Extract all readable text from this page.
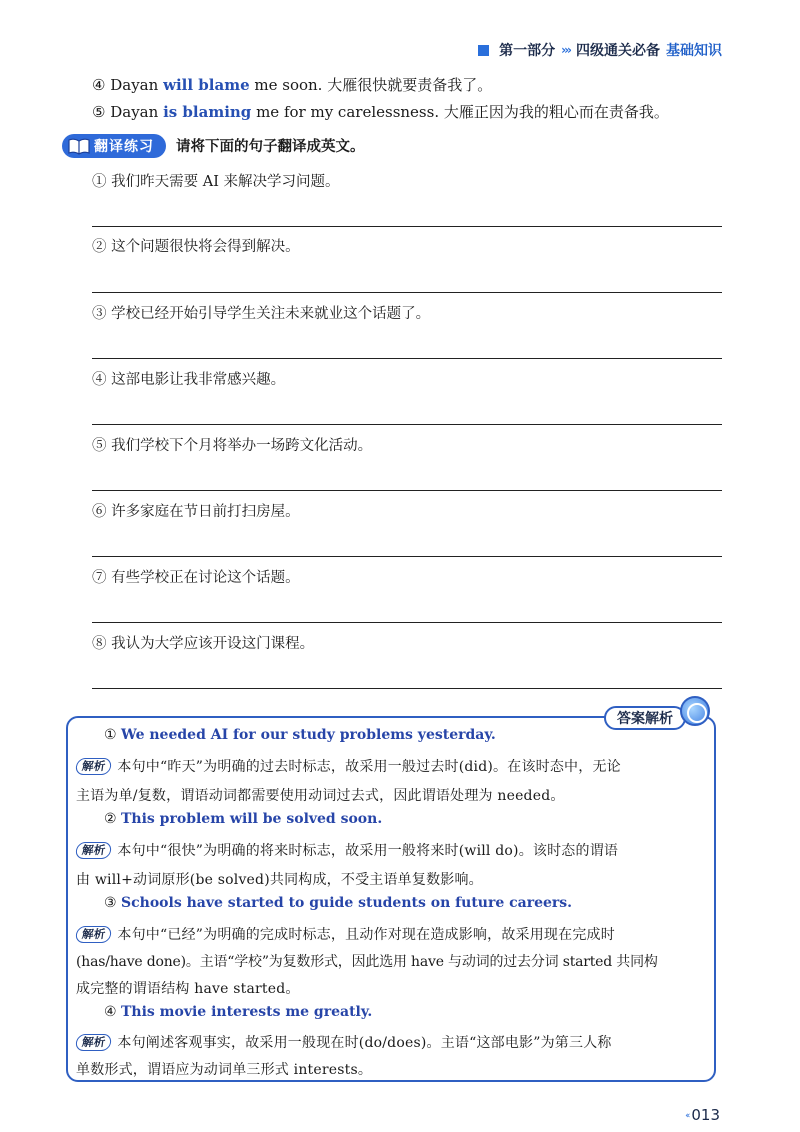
第一部分 ››› 四级通关必备 基础知识
④ Dayan will blame me soon. 大雁很快就要责备我了。
⑤ Dayan is blaming me for my carelessness. 大雁正因为我的粗心而在责备我。
翻译练习 请将下面的句子翻译成英文。
① 我们昨天需要 AI 来解决学习问题。
② 这个问题很快将会得到解决。
③ 学校已经开始引导学生关注未来就业这个话题了。
④ 这部电影让我非常感兴趣。
⑤ 我们学校下个月将举办一场跨文化活动。
⑥ 许多家庭在节日前打扫房屋。
⑦ 有些学校正在讨论这个话题。
⑧ 我认为大学应该开设这门课程。
答案解析
① We needed AI for our study problems yesterday.
解析 本句中“昨天”为明确的过去时标志，故采用一般过去时(did)。在该时态中，无论
主语为单/复数，谓语动词都需要使用动词过去式，因此谓语处理为 needed。
② This problem will be solved soon.
解析 本句中“很快”为明确的将来时标志，故采用一般将来时(will do)。该时态的谓语
由 will+动词原形(be solved)共同构成，不受主语单复数影响。
③ Schools have started to guide students on future careers.
解析 本句中“已经”为明确的完成时标志，且动作对现在造成影响，故采用现在完成时
(has/have done)。主语“学校”为复数形式，因此选用 have 与动词的过去分词 started 共同构
成完整的谓语结构 have started。
④ This movie interests me greatly.
解析 本句阐述客观事实，故采用一般现在时(do/does)。主语“这部电影”为第三人称
单数形式，谓语应为动词单三形式 interests。
‹‹ 013
